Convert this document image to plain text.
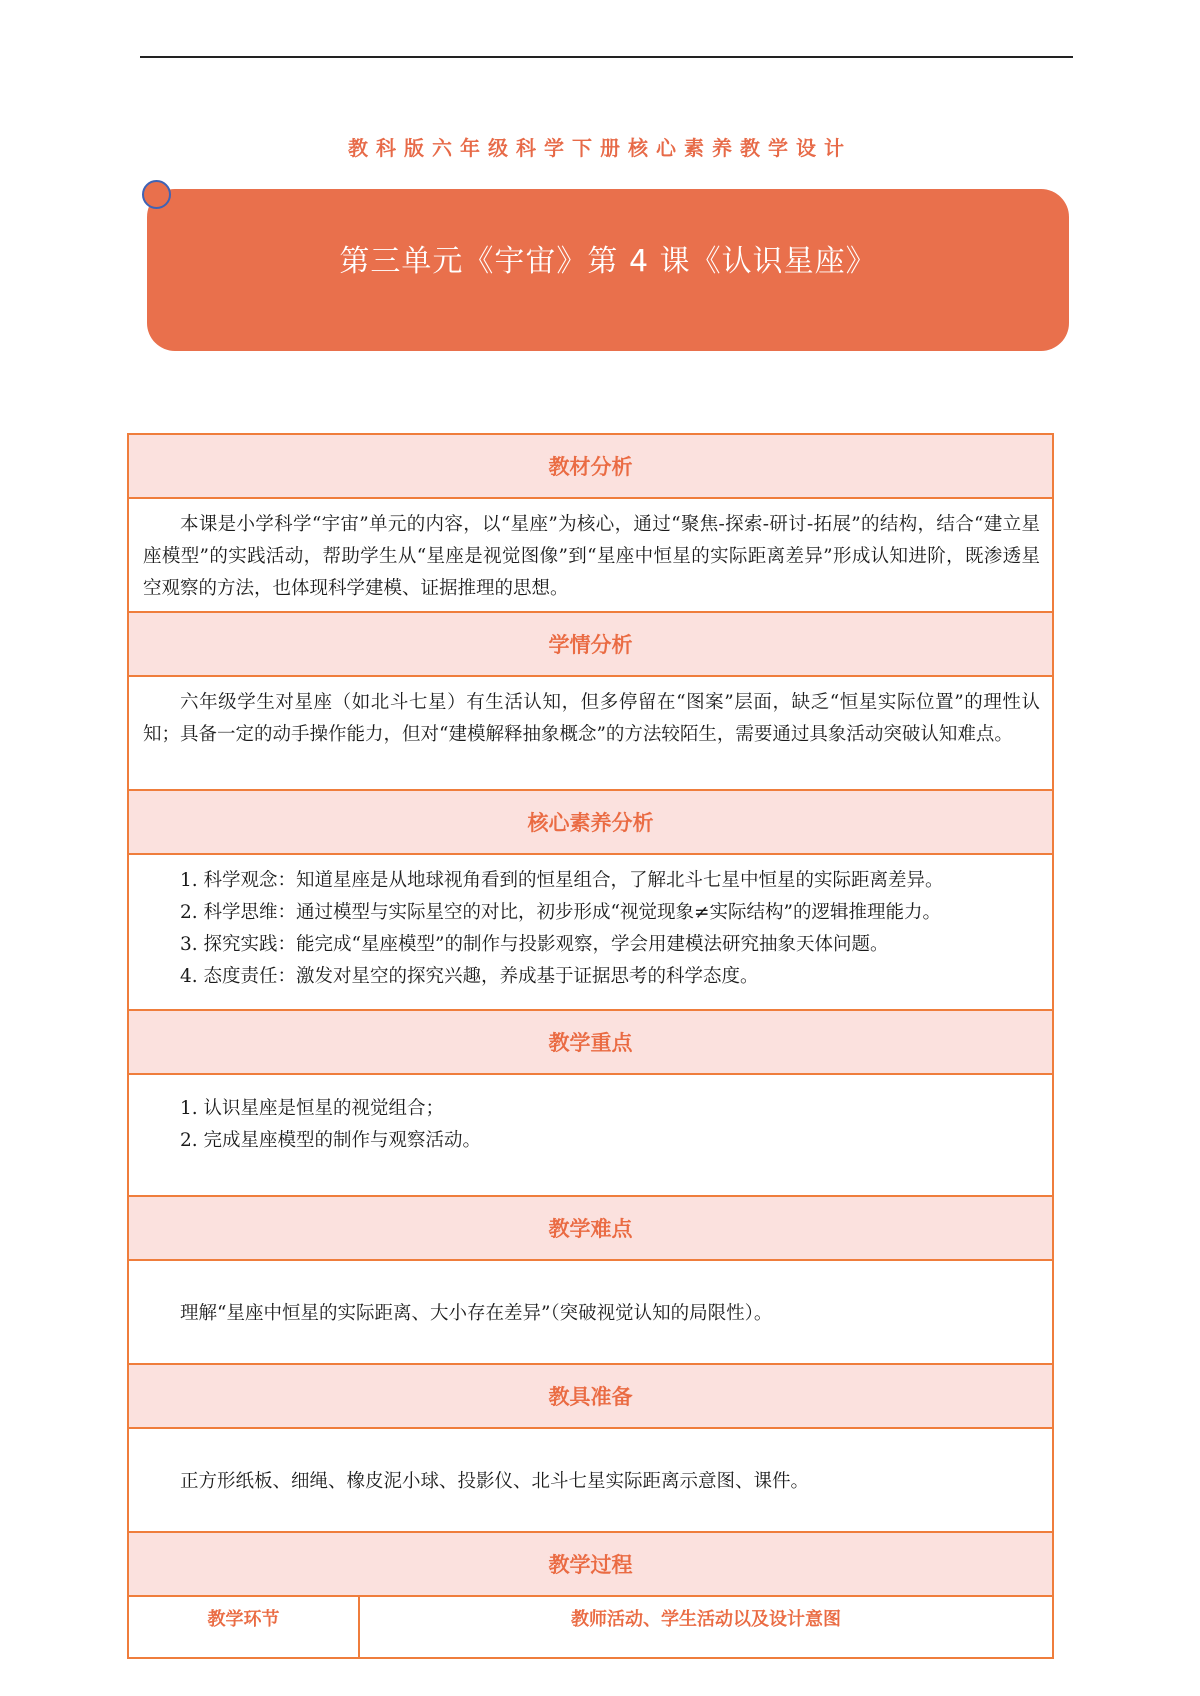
教科版六年级科学下册核心素养教学设计
第三单元《宇宙》第 4 课《认识星座》
教材分析

本课是小学科学“宇宙”单元的内容，以“星座”为核心，通过“聚焦-探索-研讨-拓展”的结构，结合“建立星座模型”的实践活动，帮助学生从“星座是视觉图像”到“星座中恒星的实际距离差异”形成认知进阶，既渗透星空观察的方法，也体现科学建模、证据推理的思想。

学情分析

六年级学生对星座（如北斗七星）有生活认知，但多停留在“图案”层面，缺乏“恒星实际位置”的理性认知；具备一定的动手操作能力，但对“建模解释抽象概念”的方法较陌生，需要通过具象活动突破认知难点。

核心素养分析

1. 科学观念：知道星座是从地球视角看到的恒星组合，了解北斗七星中恒星的实际距离差异。

2. 科学思维：通过模型与实际星空的对比，初步形成“视觉现象≠实际结构”的逻辑推理能力。

3. 探究实践：能完成“星座模型”的制作与投影观察，学会用建模法研究抽象天体问题。

4. 态度责任：激发对星空的探究兴趣，养成基于证据思考的科学态度。

教学重点

1. 认识星座是恒星的视觉组合；

2. 完成星座模型的制作与观察活动。

教学难点

理解“星座中恒星的实际距离、大小存在差异”（突破视觉认知的局限性）。

教具准备

正方形纸板、细绳、橡皮泥小球、投影仪、北斗七星实际距离示意图、课件。

教学过程
教学环节	教师活动、学生活动以及设计意图
